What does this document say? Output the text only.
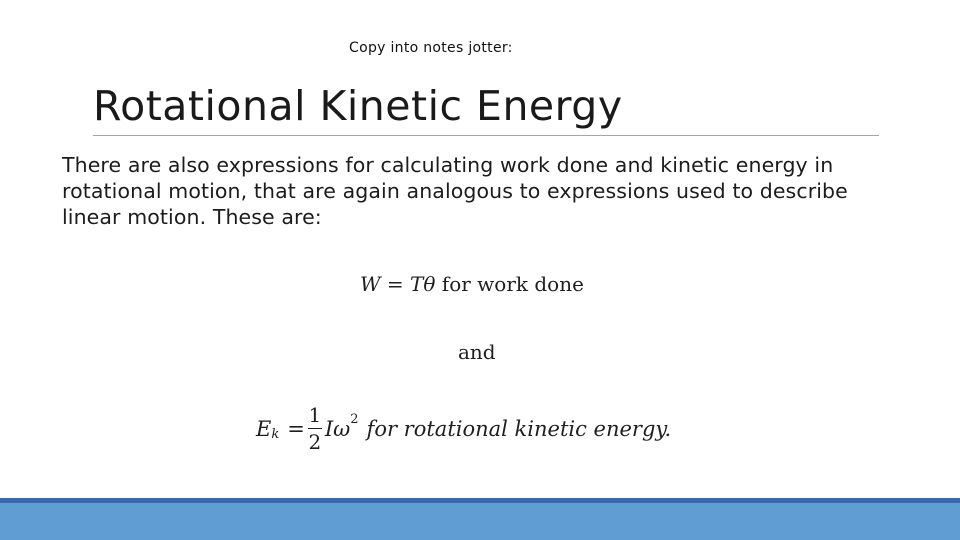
Copy into notes jotter:
Rotational Kinetic Energy
There are also expressions for calculating work done and kinetic energy in rotational motion, that are again analogous to expressions used to describe linear motion. These are:
W = Tθ for work done
and
E $k = \frac{1}{2}$ Iω 2 for rotational kinetic energy.
